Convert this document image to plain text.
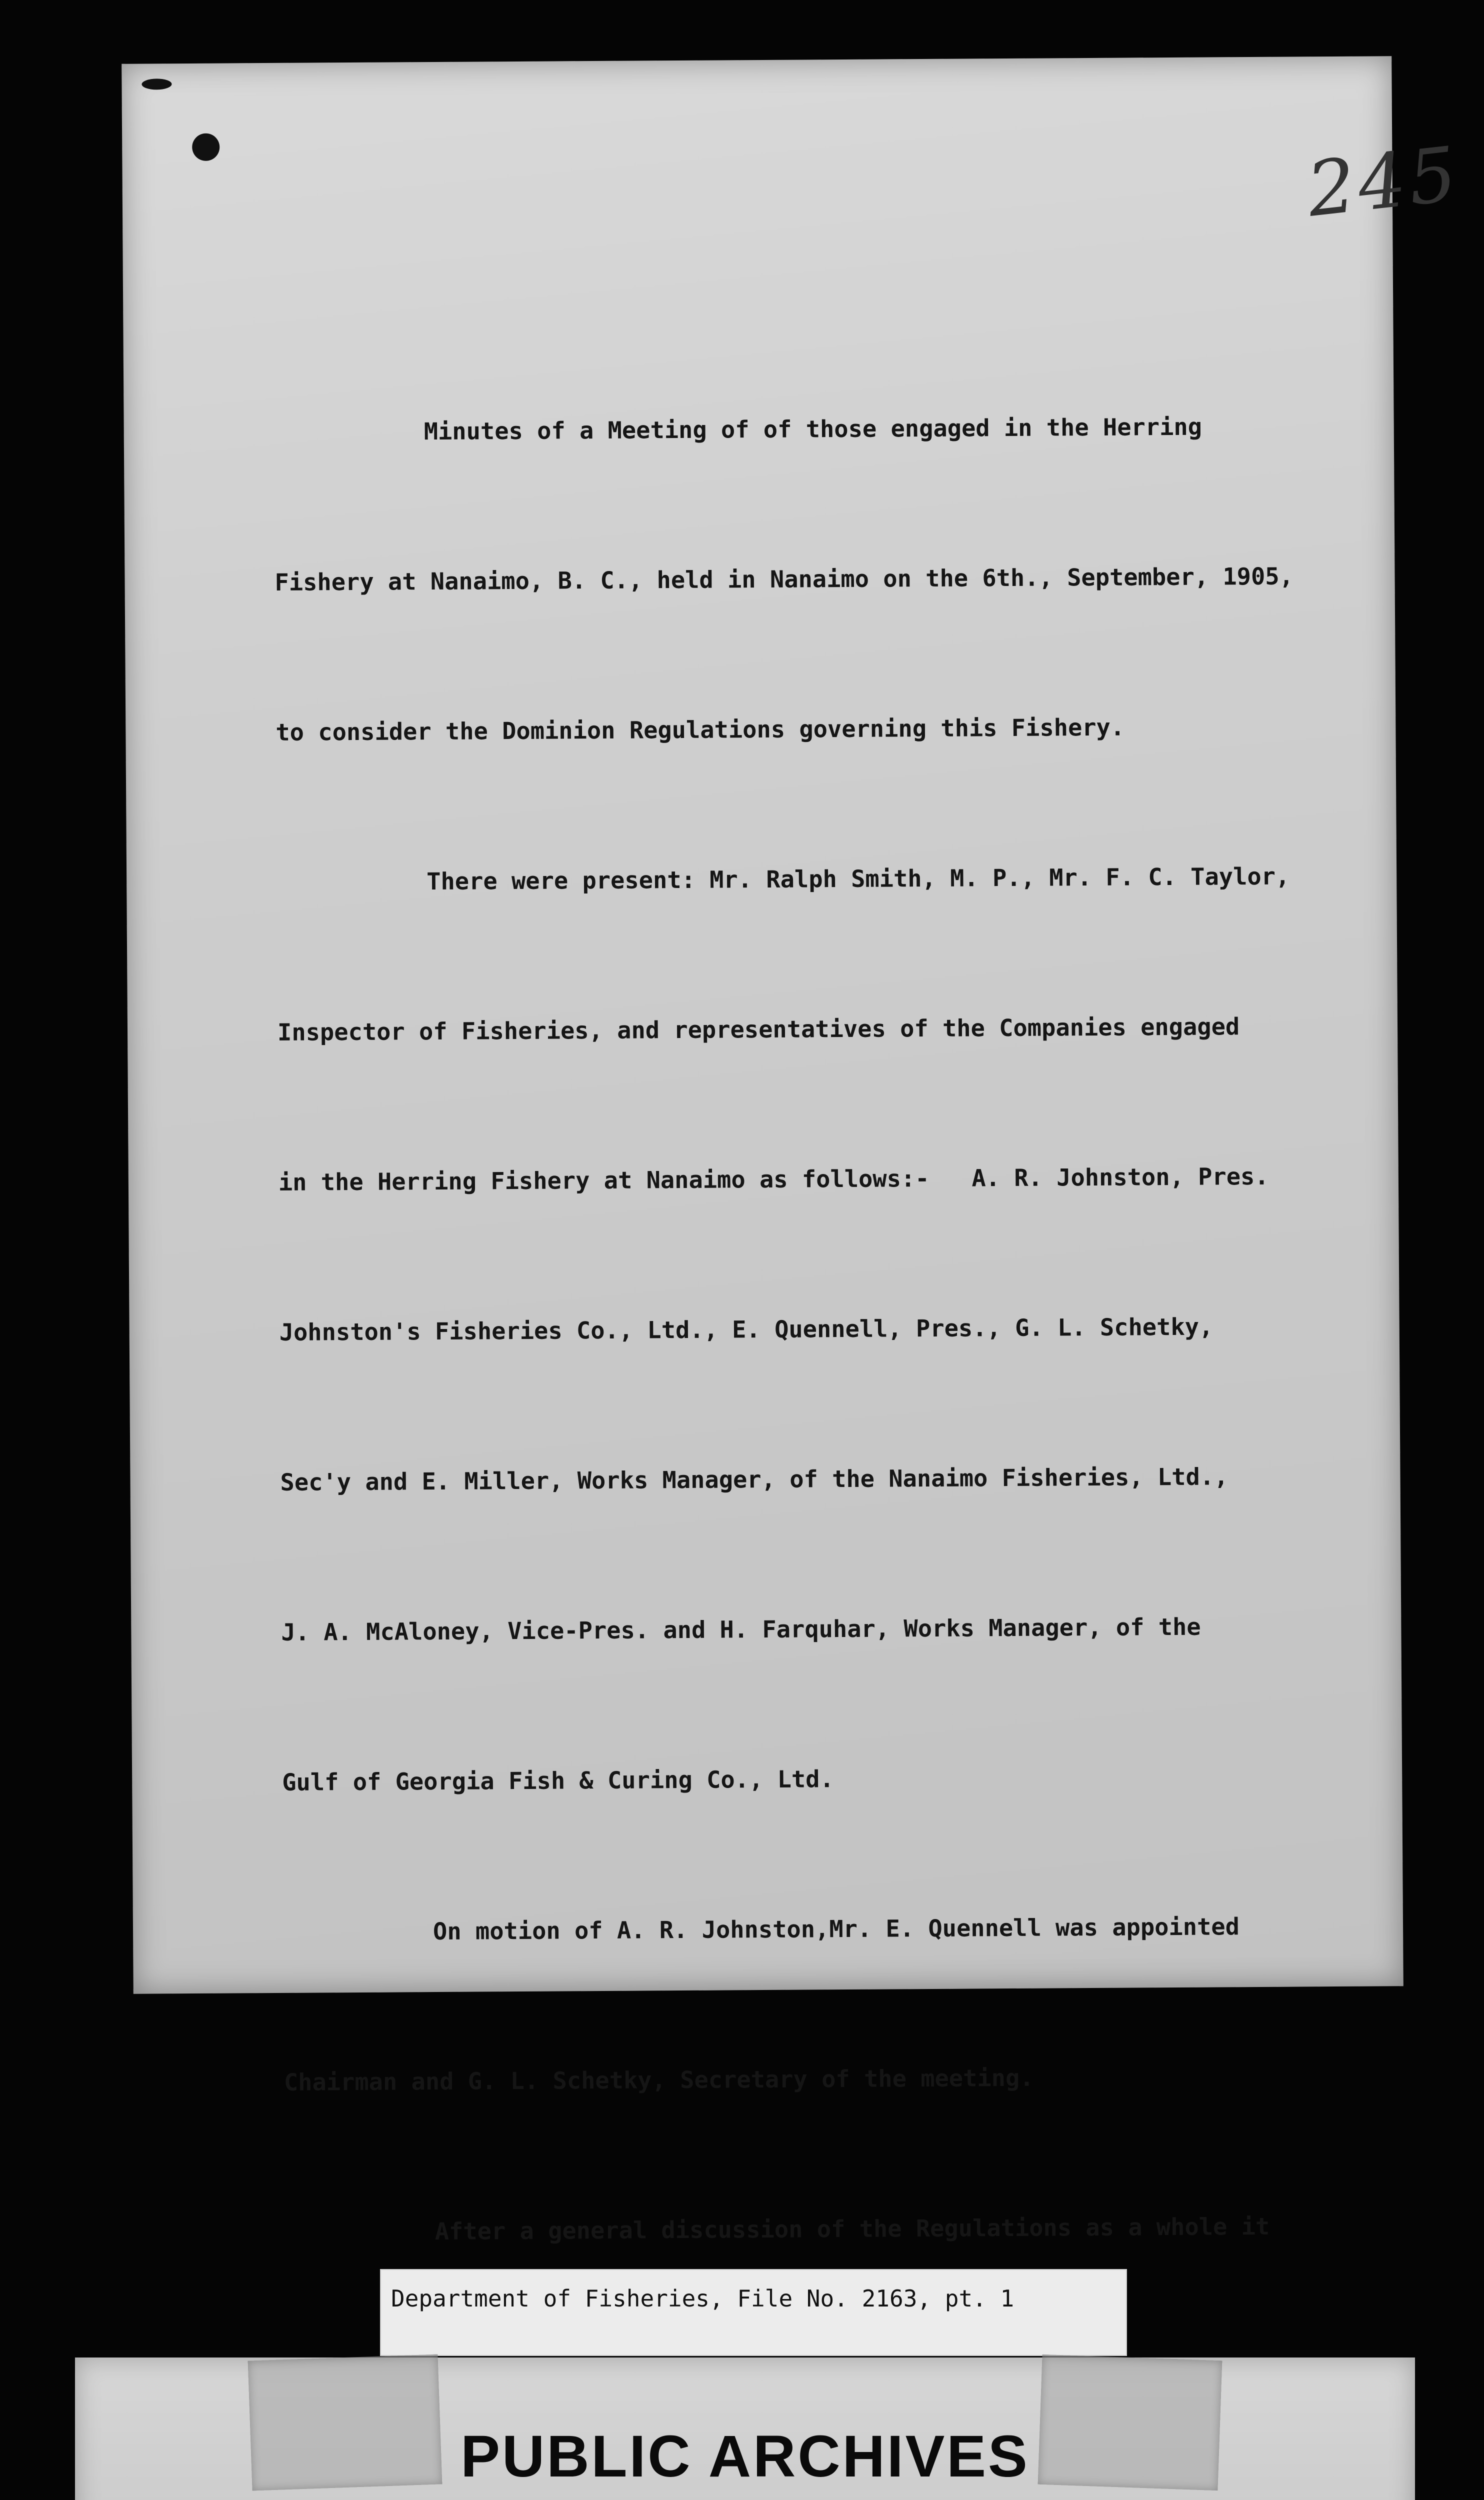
245

Minutes of a Meeting of of those engaged in the Herring

Fishery at Nanaimo, B. C., held in Nanaimo on the 6th., September, 1905,

to consider the Dominion Regulations governing this Fishery.

There were present: Mr. Ralph Smith, M. P., Mr. F. C. Taylor,

Inspector of Fisheries, and representatives of the Companies engaged

in the Herring Fishery at Nanaimo as follows:-   A. R. Johnston, Pres.

Johnston's Fisheries Co., Ltd., E. Quennell, Pres., G. L. Schetky,

Sec'y and E. Miller, Works Manager, of the Nanaimo Fisheries, Ltd.,

J. A. McAloney, Vice-Pres. and H. Farquhar, Works Manager, of the

Gulf of Georgia Fish & Curing Co., Ltd.

On motion of A. R. Johnston,Mr. E. Quennell was appointed

Chairman and G. L. Schetky, Secretary of the meeting.

After a general discussion of the Regulations as a whole it

Department of Fisheries, File No. 2163, pt. 1
PUBLIC ARCHIVES
